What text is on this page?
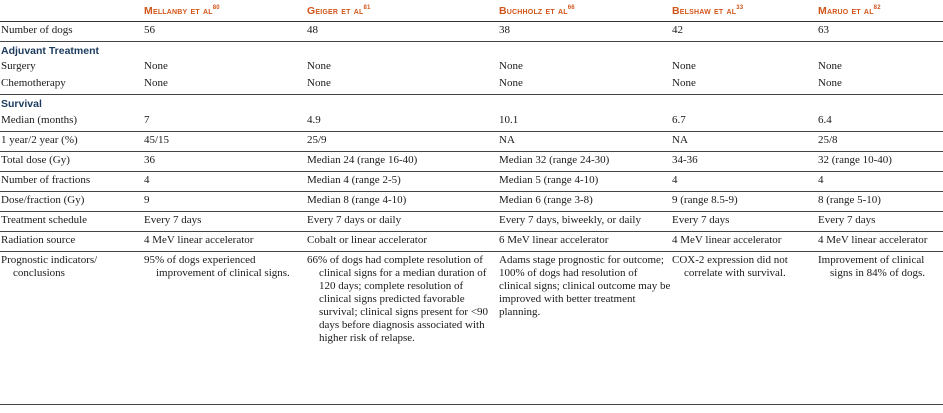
	Mellanby et $al^{80}$	Geiger et $al^{81}$	Buchholz et $al^{66}$	Belshaw et $al^{33}$	Maruo et $al^{82}$
Number of dogs	56	48	38	42	63
Adjuvant Treatment					
Surgery	None	None	None	None	None
Chemotherapy	None	None	None	None	None
Survival					
Median (months)	7	4.9	10.1	6.7	6.4
1 year/2 year (%)	45/15	25/9	NA	NA	25/8
Total dose (Gy)	36	Median 24 (range 16-40)	Median 32 (range 24-30)	34-36	32 (range 10-40)
Number of fractions	4	Median 4 (range 2-5)	Median 5 (range 4-10)	4	4
Dose/fraction (Gy)	9	Median 8 (range 4-10)	Median 6 (range 3-8)	9 (range 8.5-9)	8 (range 5-10)
Treatment schedule	Every 7 days	Every 7 days or daily	Every 7 days, biweekly, or daily	Every 7 days	Every 7 days
Radiation source	4 MeV linear accelerator	Cobalt or linear accelerator	6 MeV linear accelerator	4 MeV linear accelerator	4 MeV linear accelerator
Prognostic indicators/ conclusions	95% of dogs experienced improvement of clinical signs.	66% of dogs had complete resolution of clinical signs for a median duration of 120 days; complete resolution of clinical signs predicted favorable survival; clinical signs present for <90 days before diagnosis associated with higher risk of relapse.	Adams stage prognostic for outcome; 100% of dogs had resolution of clinical signs; clinical outcome may be improved with better treatment planning.	COX-2 expression did not correlate with survival.	Improvement of clinical signs in 84% of dogs.
